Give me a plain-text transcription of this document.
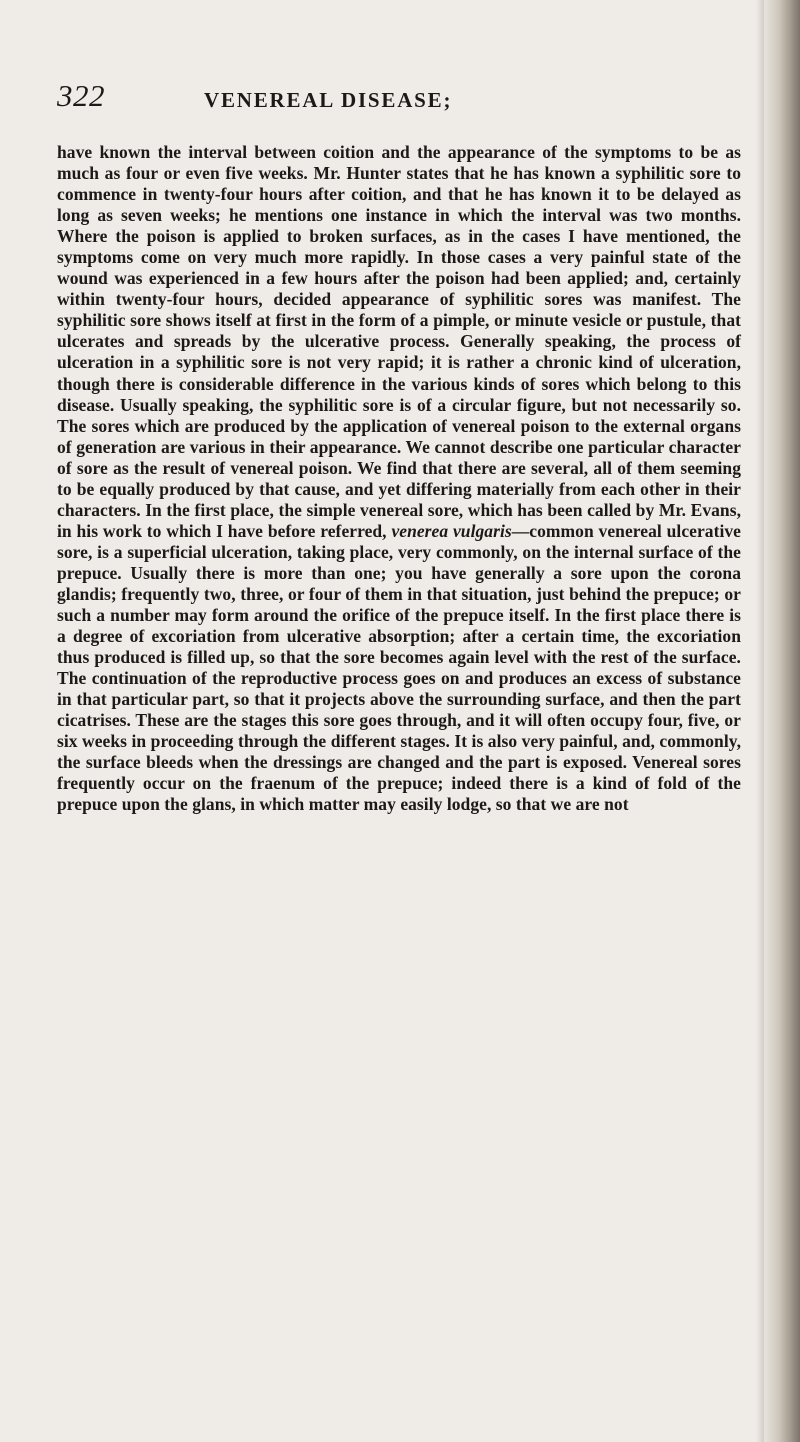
322	VENEREAL DISEASE;

have known the interval between coition and the appearance of the symptoms to be as much as four or even five weeks. Mr. Hunter states that he has known a syphilitic sore to commence in twenty-four hours after coition, and that he has known it to be delayed as long as seven weeks; he mentions one instance in which the interval was two months. Where the poison is applied to broken surfaces, as in the cases I have mentioned, the symptoms come on very much more rapidly. In those cases a very painful state of the wound was experienced in a few hours after the poison had been applied; and, certainly within twenty-four hours, decided appearance of syphilitic sores was manifest. The syphilitic sore shows itself at first in the form of a pimple, or minute vesicle or pustule, that ulcerates and spreads by the ulcerative process. Generally speaking, the process of ulceration in a syphilitic sore is not very rapid; it is rather a chronic kind of ulceration, though there is considerable difference in the various kinds of sores which belong to this disease. Usually speaking, the syphilitic sore is of a circular figure, but not necessarily so. The sores which are produced by the application of venereal poison to the external organs of generation are various in their appearance. We cannot describe one particular character of sore as the result of venereal poison. We find that there are several, all of them seeming to be equally produced by that cause, and yet differing materially from each other in their characters. In the first place, the simple venereal sore, which has been called by Mr. Evans, in his work to which I have before referred, venerea vulgaris—common venereal ulcerative sore, is a superficial ulceration, taking place, very commonly, on the internal surface of the prepuce. Usually there is more than one; you have generally a sore upon the corona glandis; frequently two, three, or four of them in that situation, just behind the prepuce; or such a number may form around the orifice of the prepuce itself. In the first place there is a degree of excoriation from ulcerative absorption; after a certain time, the excoriation thus produced is filled up, so that the sore becomes again level with the rest of the surface. The continuation of the reproductive process goes on and produces an excess of substance in that particular part, so that it projects above the surrounding surface, and then the part cicatrises. These are the stages this sore goes through, and it will often occupy four, five, or six weeks in proceeding through the different stages. It is also very painful, and, commonly, the surface bleeds when the dressings are changed and the part is exposed. Venereal sores frequently occur on the fraenum of the prepuce; indeed there is a kind of fold of the prepuce upon the glans, in which matter may easily lodge, so that we are not
